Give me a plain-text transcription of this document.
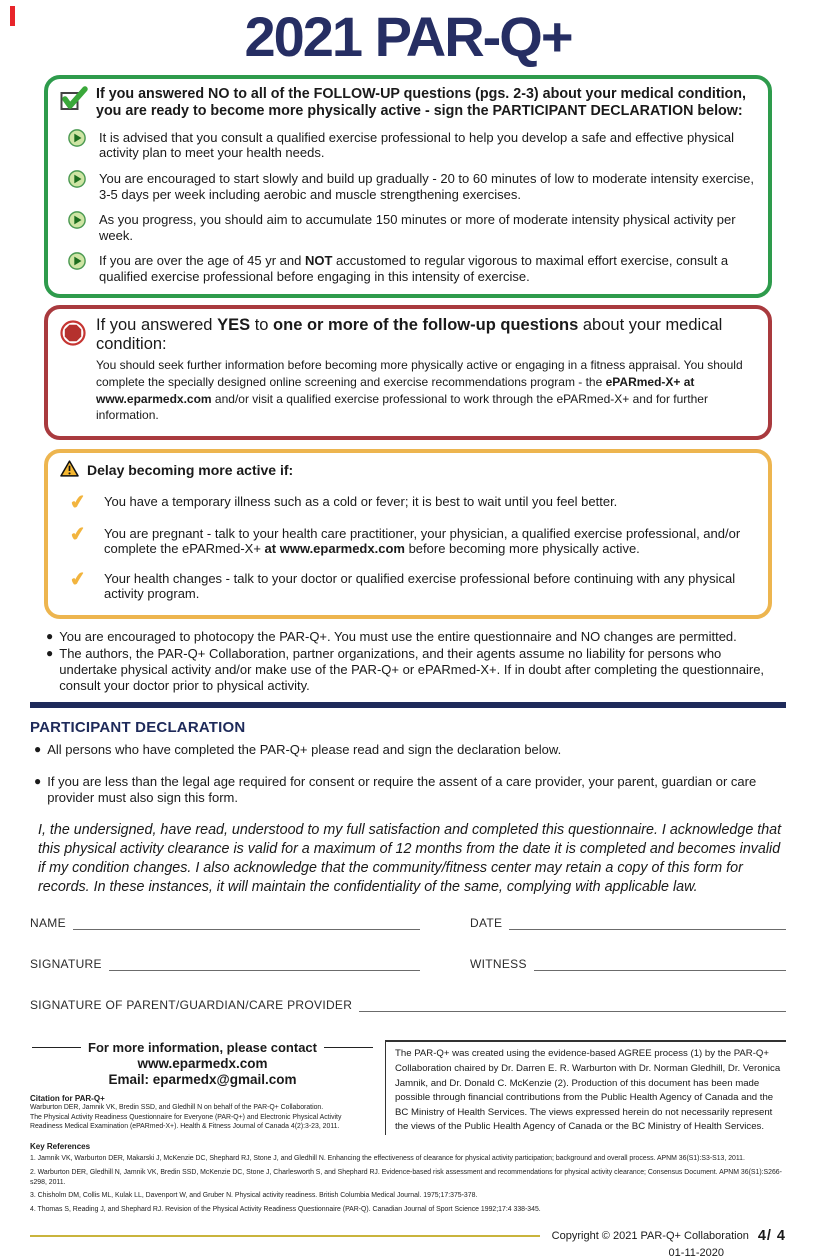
2021 PAR-Q+
If you answered NO to all of the FOLLOW-UP questions (pgs. 2-3) about your medical condition,
you are ready to become more physically active - sign the PARTICIPANT DECLARATION below:
It is advised that you consult a qualified exercise professional to help you develop a safe and effective physical activity plan to meet your health needs.
You are encouraged to start slowly and build up gradually - 20 to 60 minutes of low to moderate intensity exercise, 3-5 days per week including aerobic and muscle strengthening exercises.
As you progress, you should aim to accumulate 150 minutes or more of moderate intensity physical activity per week.
If you are over the age of 45 yr and NOT accustomed to regular vigorous to maximal effort exercise, consult a qualified exercise professional before engaging in this intensity of exercise.
If you answered YES to one or more of the follow-up questions about your medical condition:
You should seek further information before becoming more physically active or engaging in a fitness appraisal. You should complete the specially designed online screening and exercise recommendations program - the ePARmed-X+ at www.eparmedx.com and/or visit a qualified exercise professional to work through the ePARmed-X+ and for further information.
Delay becoming more active if:
✔ You have a temporary illness such as a cold or fever; it is best to wait until you feel better.
✔ You are pregnant - talk to your health care practitioner, your physician, a qualified exercise professional, and/or complete the ePARmed-X+ at www.eparmedx.com before becoming more physically active.
✔ Your health changes - talk to your doctor or qualified exercise professional before continuing with any physical activity program.
● You are encouraged to photocopy the PAR-Q+. You must use the entire questionnaire and NO changes are permitted.
● The authors, the PAR-Q+ Collaboration, partner organizations, and their agents assume no liability for persons who undertake physical activity and/or make use of the PAR-Q+ or ePARmed-X+. If in doubt after completing the questionnaire, consult your doctor prior to physical activity.
PARTICIPANT DECLARATION
● All persons who have completed the PAR-Q+ please read and sign the declaration below.
● If you are less than the legal age required for consent or require the assent of a care provider, your parent, guardian or care provider must also sign this form.
I, the undersigned, have read, understood to my full satisfaction and completed this questionnaire. I acknowledge that this physical activity clearance is valid for a maximum of 12 months from the date it is completed and becomes invalid if my condition changes. I also acknowledge that the community/fitness center may retain a copy of this form for records. In these instances, it will maintain the confidentiality of the same, complying with applicable law.
NAME	DATE
SIGNATURE	WITNESS
SIGNATURE OF PARENT/GUARDIAN/CARE PROVIDER
For more information, please contact
www.eparmedx.com
Email: eparmedx@gmail.com
Citation for PAR-Q+
Warburton DER, Jamnik VK, Bredin SSD, and Gledhill N on behalf of the PAR-Q+ Collaboration.
The Physical Activity Readiness Questionnaire for Everyone (PAR-Q+) and Electronic Physical Activity
Readiness Medical Examination (ePARmed-X+). Health & Fitness Journal of Canada 4(2):3-23, 2011.
The PAR-Q+ was created using the evidence-based AGREE process (1) by the PAR-Q+ Collaboration chaired by Dr. Darren E. R. Warburton with Dr. Norman Gledhill, Dr. Veronica Jamnik, and Dr. Donald C. McKenzie (2). Production of this document has been made possible through financial contributions from the Public Health Agency of Canada and the BC Ministry of Health Services. The views expressed herein do not necessarily represent the views of the Public Health Agency of Canada or the BC Ministry of Health Services.
Key References
1. Jamnik VK, Warburton DER, Makarski J, McKenzie DC, Shephard RJ, Stone J, and Gledhill N. Enhancing the effectiveness of clearance for physical activity participation; background and overall process. APNM 36(S1):S3-S13, 2011.
2. Warburton DER, Gledhill N, Jamnik VK, Bredin SSD, McKenzie DC, Stone J, Charlesworth S, and Shephard RJ. Evidence-based risk assessment and recommendations for physical activity clearance; Consensus Document. APNM 36(S1):S266-s298, 2011.
3. Chisholm DM, Collis ML, Kulak LL, Davenport W, and Gruber N. Physical activity readiness. British Columbia Medical Journal. 1975;17:375-378.
4. Thomas S, Reading J, and Shephard RJ. Revision of the Physical Activity Readiness Questionnaire (PAR-Q). Canadian Journal of Sport Science 1992;17:4 338-345.
Copyright © 2021 PAR-Q+ Collaboration 4/ 4
01-11-2020
